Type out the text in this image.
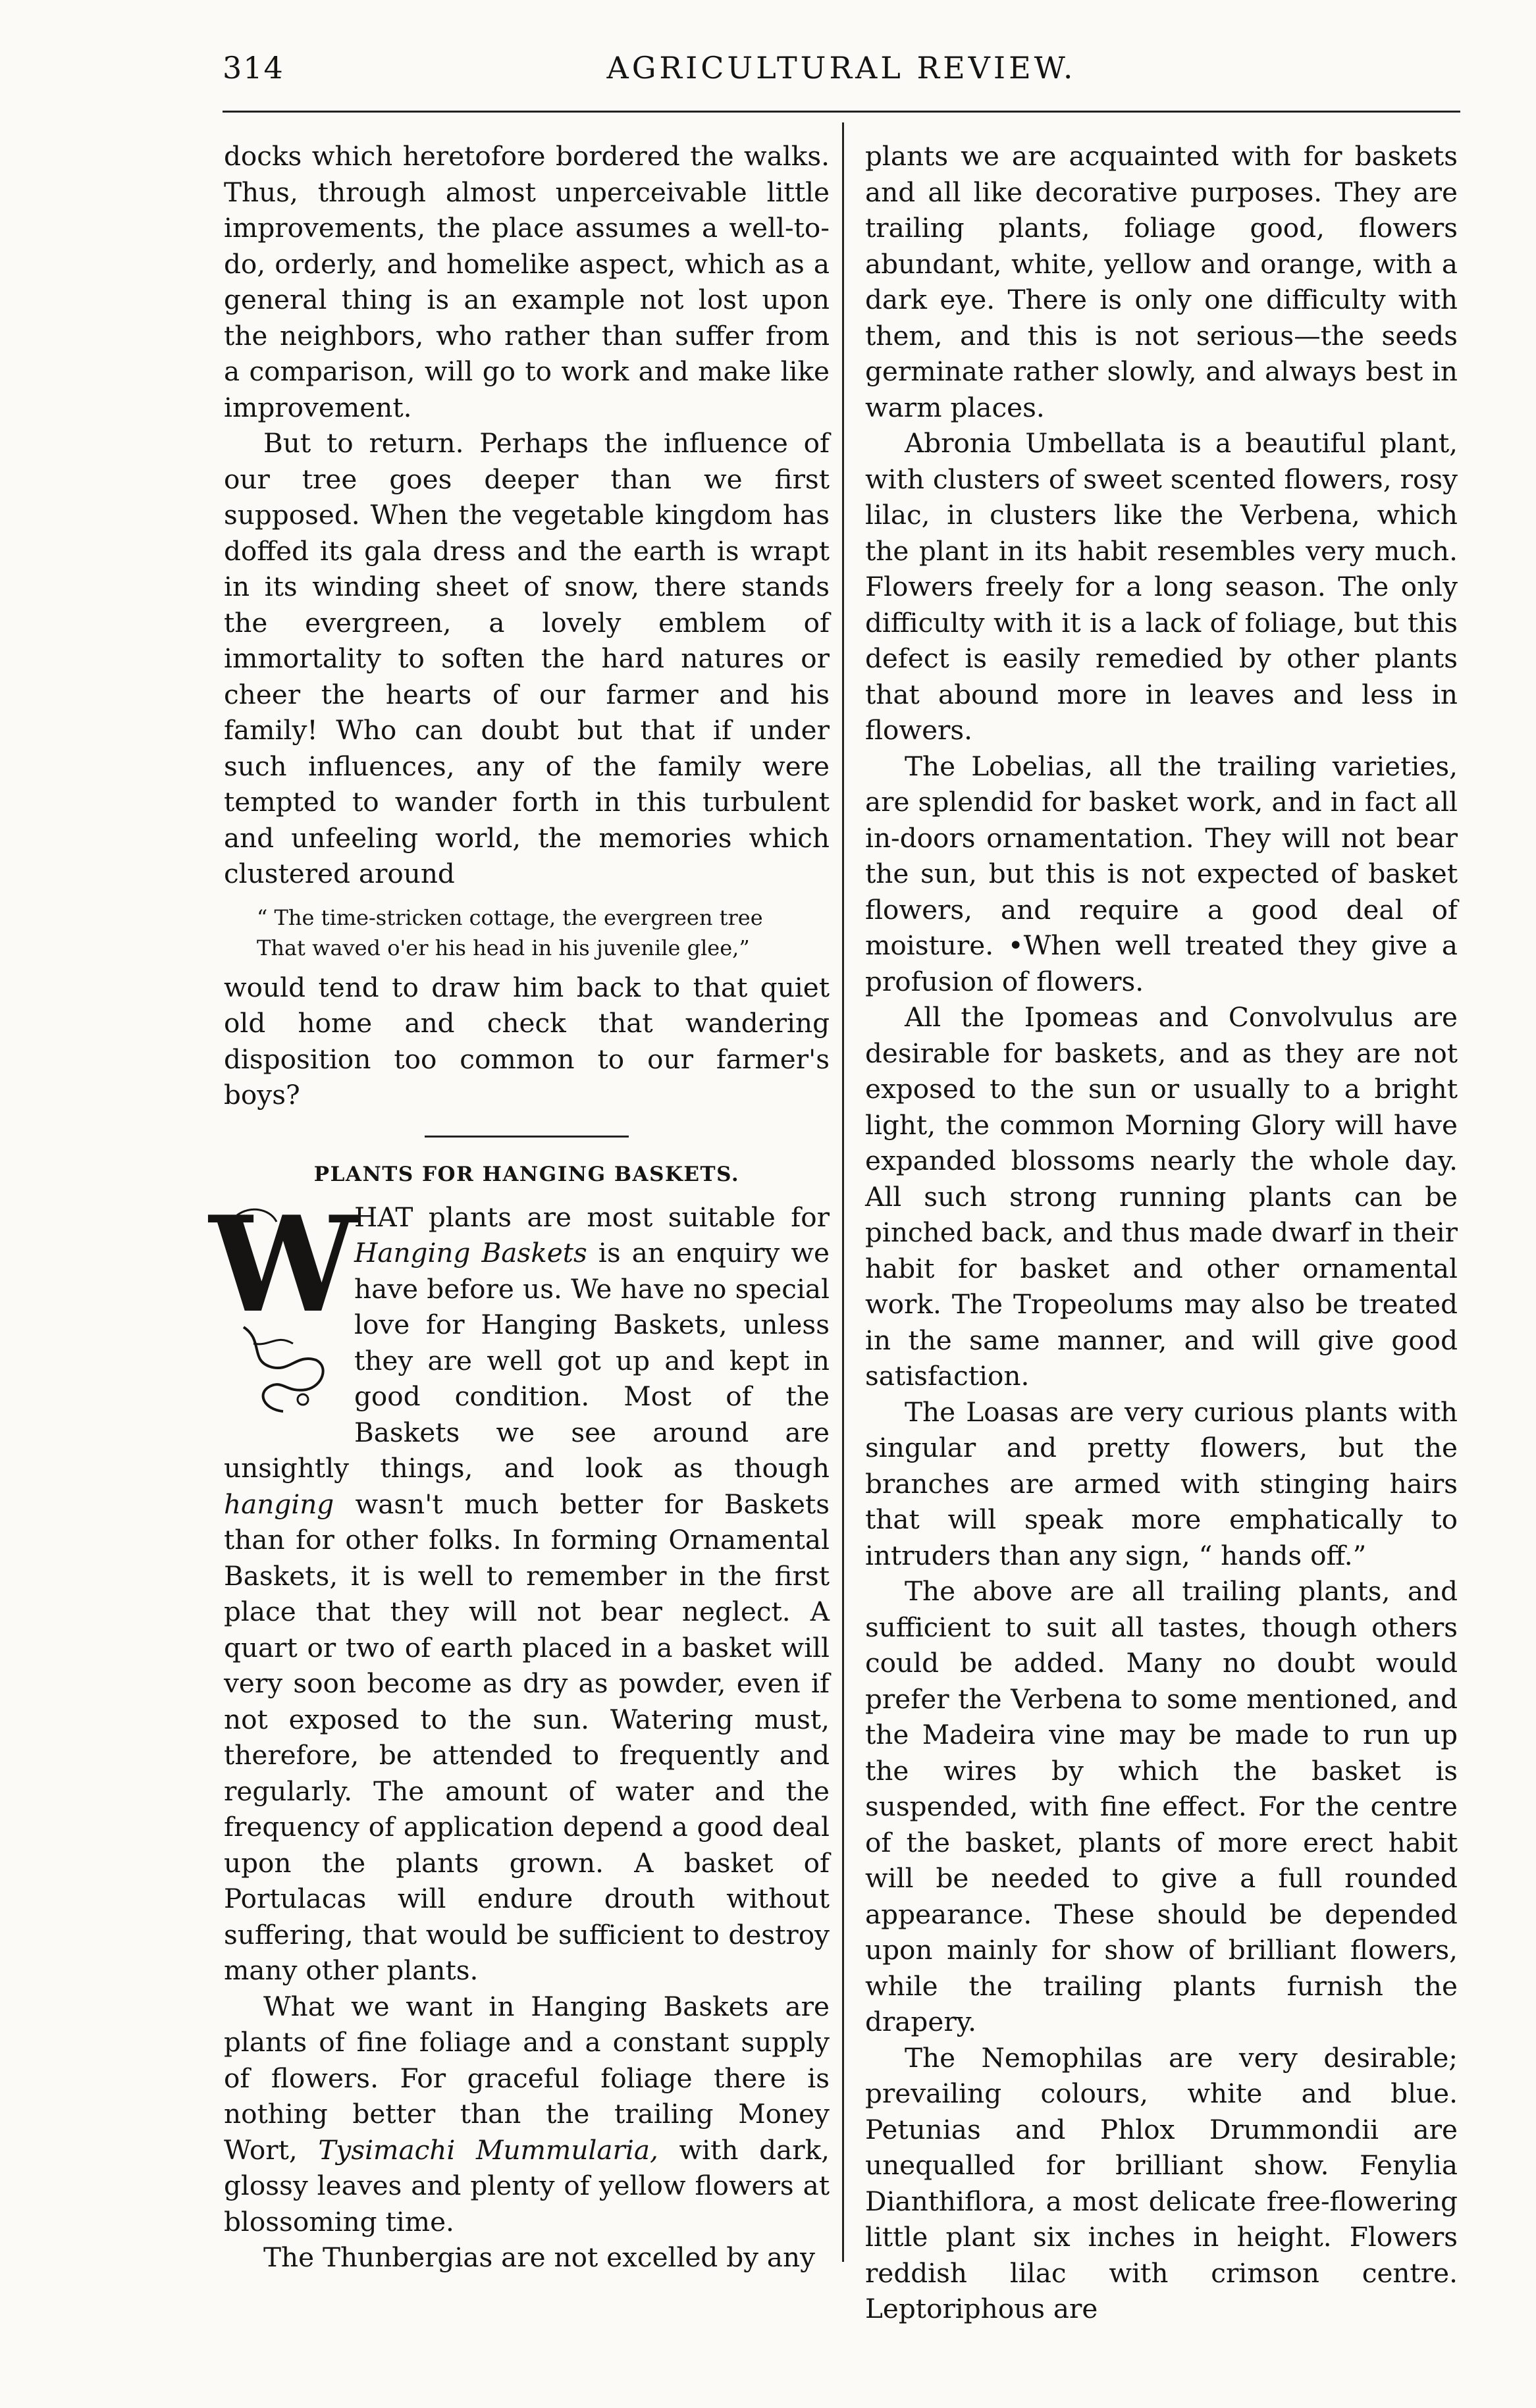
314	AGRICULTURAL REVIEW.

docks which heretofore bordered the walks. Thus, through almost unperceivable little improvements, the place assumes a well-to-do, orderly, and homelike aspect, which as a general thing is an example not lost upon the neighbors, who rather than suffer from a comparison, will go to work and make like improvement.

But to return. Perhaps the influence of our tree goes deeper than we first supposed. When the vegetable kingdom has doffed its gala dress and the earth is wrapt in its winding sheet of snow, there stands the evergreen, a lovely emblem of immortality to soften the hard natures or cheer the hearts of our farmer and his family! Who can doubt but that if under such influences, any of the family were tempted to wander forth in this turbulent and unfeeling world, the memories which clustered around

“ The time-stricken cottage, the evergreen tree
That waved o'er his head in his juvenile glee,”

would tend to draw him back to that quiet old home and check that wandering disposition too common to our farmer's boys?

PLANTS FOR HANGING BASKETS.

W
HAT plants are most suitable for Hanging Baskets is an enquiry we have before us. We have no special love for Hanging Baskets, unless they are well got up and kept in good condition. Most of the Baskets we see around are unsightly things, and look as though hanging wasn't much better for Baskets than for other folks. In forming Ornamental Baskets, it is well to remember in the first place that they will not bear neglect. A quart or two of earth placed in a basket will very soon become as dry as powder, even if not exposed to the sun. Watering must, therefore, be attended to frequently and regularly. The amount of water and the frequency of application depend a good deal upon the plants grown. A basket of Portulacas will endure drouth without suffering, that would be sufficient to destroy many other plants.

What we want in Hanging Baskets are plants of fine foliage and a constant supply of flowers. For graceful foliage there is nothing better than the trailing Money Wort, Tysimachi Mummularia, with dark, glossy leaves and plenty of yellow flowers at blossoming time.

The Thunbergias are not excelled by any

plants we are acquainted with for baskets and all like decorative purposes. They are trailing plants, foliage good, flowers abundant, white, yellow and orange, with a dark eye. There is only one difficulty with them, and this is not serious—the seeds germinate rather slowly, and always best in warm places.

Abronia Umbellata is a beautiful plant, with clusters of sweet scented flowers, rosy lilac, in clusters like the Verbena, which the plant in its habit resembles very much. Flowers freely for a long season. The only difficulty with it is a lack of foliage, but this defect is easily remedied by other plants that abound more in leaves and less in flowers.

The Lobelias, all the trailing varieties, are splendid for basket work, and in fact all in-doors ornamentation. They will not bear the sun, but this is not expected of basket flowers, and require a good deal of moisture. •When well treated they give a profusion of flowers.

All the Ipomeas and Convolvulus are desirable for baskets, and as they are not exposed to the sun or usually to a bright light, the common Morning Glory will have expanded blossoms nearly the whole day. All such strong running plants can be pinched back, and thus made dwarf in their habit for basket and other ornamental work. The Tropeolums may also be treated in the same manner, and will give good satisfaction.

The Loasas are very curious plants with singular and pretty flowers, but the branches are armed with stinging hairs that will speak more emphatically to intruders than any sign, “ hands off.”

The above are all trailing plants, and sufficient to suit all tastes, though others could be added. Many no doubt would prefer the Verbena to some mentioned, and the Madeira vine may be made to run up the wires by which the basket is suspended, with fine effect. For the centre of the basket, plants of more erect habit will be needed to give a full rounded appearance. These should be depended upon mainly for show of brilliant flowers, while the trailing plants furnish the drapery.

The Nemophilas are very desirable; prevailing colours, white and blue. Petunias and Phlox Drummondii are unequalled for brilliant show. Fenylia Dianthiflora, a most delicate free-flowering little plant six inches in height. Flowers reddish lilac with crimson centre. Leptoriphous are
